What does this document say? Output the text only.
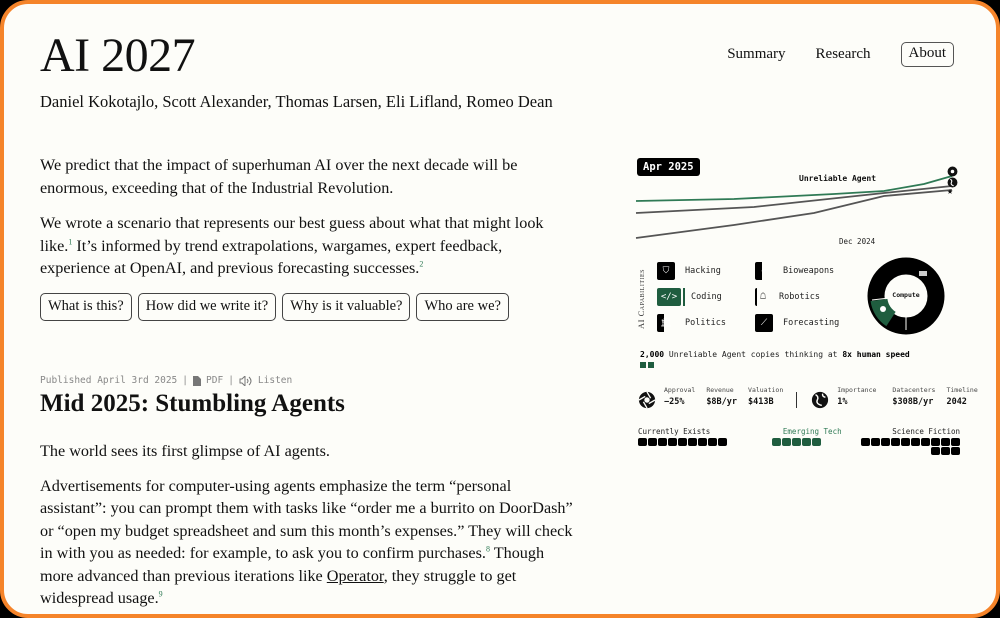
AI 2027
Daniel Kokotajlo, Scott Alexander, Thomas Larsen, Eli Lifland, Romeo Dean
Summary Research	About

We predict that the impact of superhuman AI over the next decade will be enormous, exceeding that of the Industrial Revolution.

We wrote a scenario that represents our best guess about what that might look like.$^1$ It’s informed by trend extrapolations, wargames, expert feedback, experience at OpenAI, and previous forecasting successes.$^2$

What is this?	How did we write it?	Why is it valuable?	Who are we?
Published April 3rd 2025 | PDF |	Listen
Mid 2025: Stumbling Agents

The world sees its first glimpse of AI agents.

Advertisements for computer-using agents emphasize the term “personal assistant”: you can prompt them with tasks like “order me a burrito on DoorDash” or “open my budget spreadsheet and sum this month’s expenses.” They will check in with you as needed: for example, to ask you to confirm purchases.$^8$ Though more advanced than previous iterations like Operator, they struggle to get widespread usage.$^9$

Apr 2025
Unreliable Agent
Dec 2024
★
AI Capabilities	⛉	Hacking	☣	Bioweapons
</>	Coding	☖	Robotics
🏛	Politics	⟋	Forecasting
Compute
2,000 Unreliable Agent copies thinking at 8x human speed
Approval
−25%
Revenue
$8B/yr
Valuation
$413B
Importance
1%
Datacenters
$308B/yr
Timeline
2042
Currently Exists	Emerging Tech	Science Fiction
